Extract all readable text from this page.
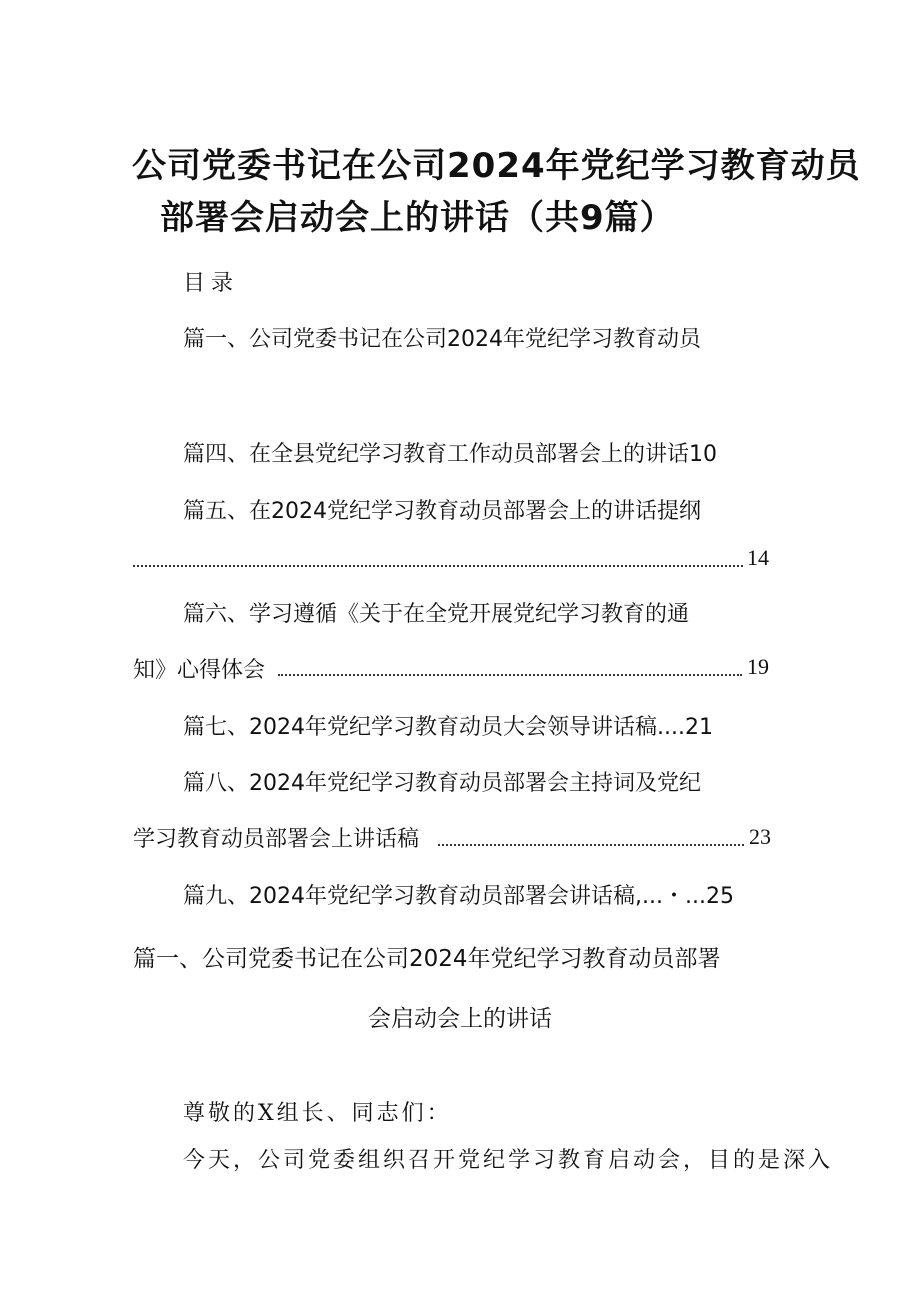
公司党委书记在公司2024年党纪学习教育动员
部署会启动会上的讲话（共9篇）
目录
篇一、公司党委书记在公司2024年党纪学习教育动员
篇四、在全县党纪学习教育工作动员部署会上的讲话10
篇五、在2024党纪学习教育动员部署会上的讲话提纲
14
篇六、学习遵循《关于在全党开展党纪学习教育的通
知》心得体会	19
篇七、2024年党纪学习教育动员大会领导讲话稿....21
篇八、2024年党纪学习教育动员部署会主持词及党纪
学习教育动员部署会上讲话稿	23
篇九、2024年党纪学习教育动员部署会讲话稿,...・...25
篇一、公司党委书记在公司2024年党纪学习教育动员部署
会启动会上的讲话
尊敬的X组长、同志们：
今天，公司党委组织召开党纪学习教育启动会，目的是深入
